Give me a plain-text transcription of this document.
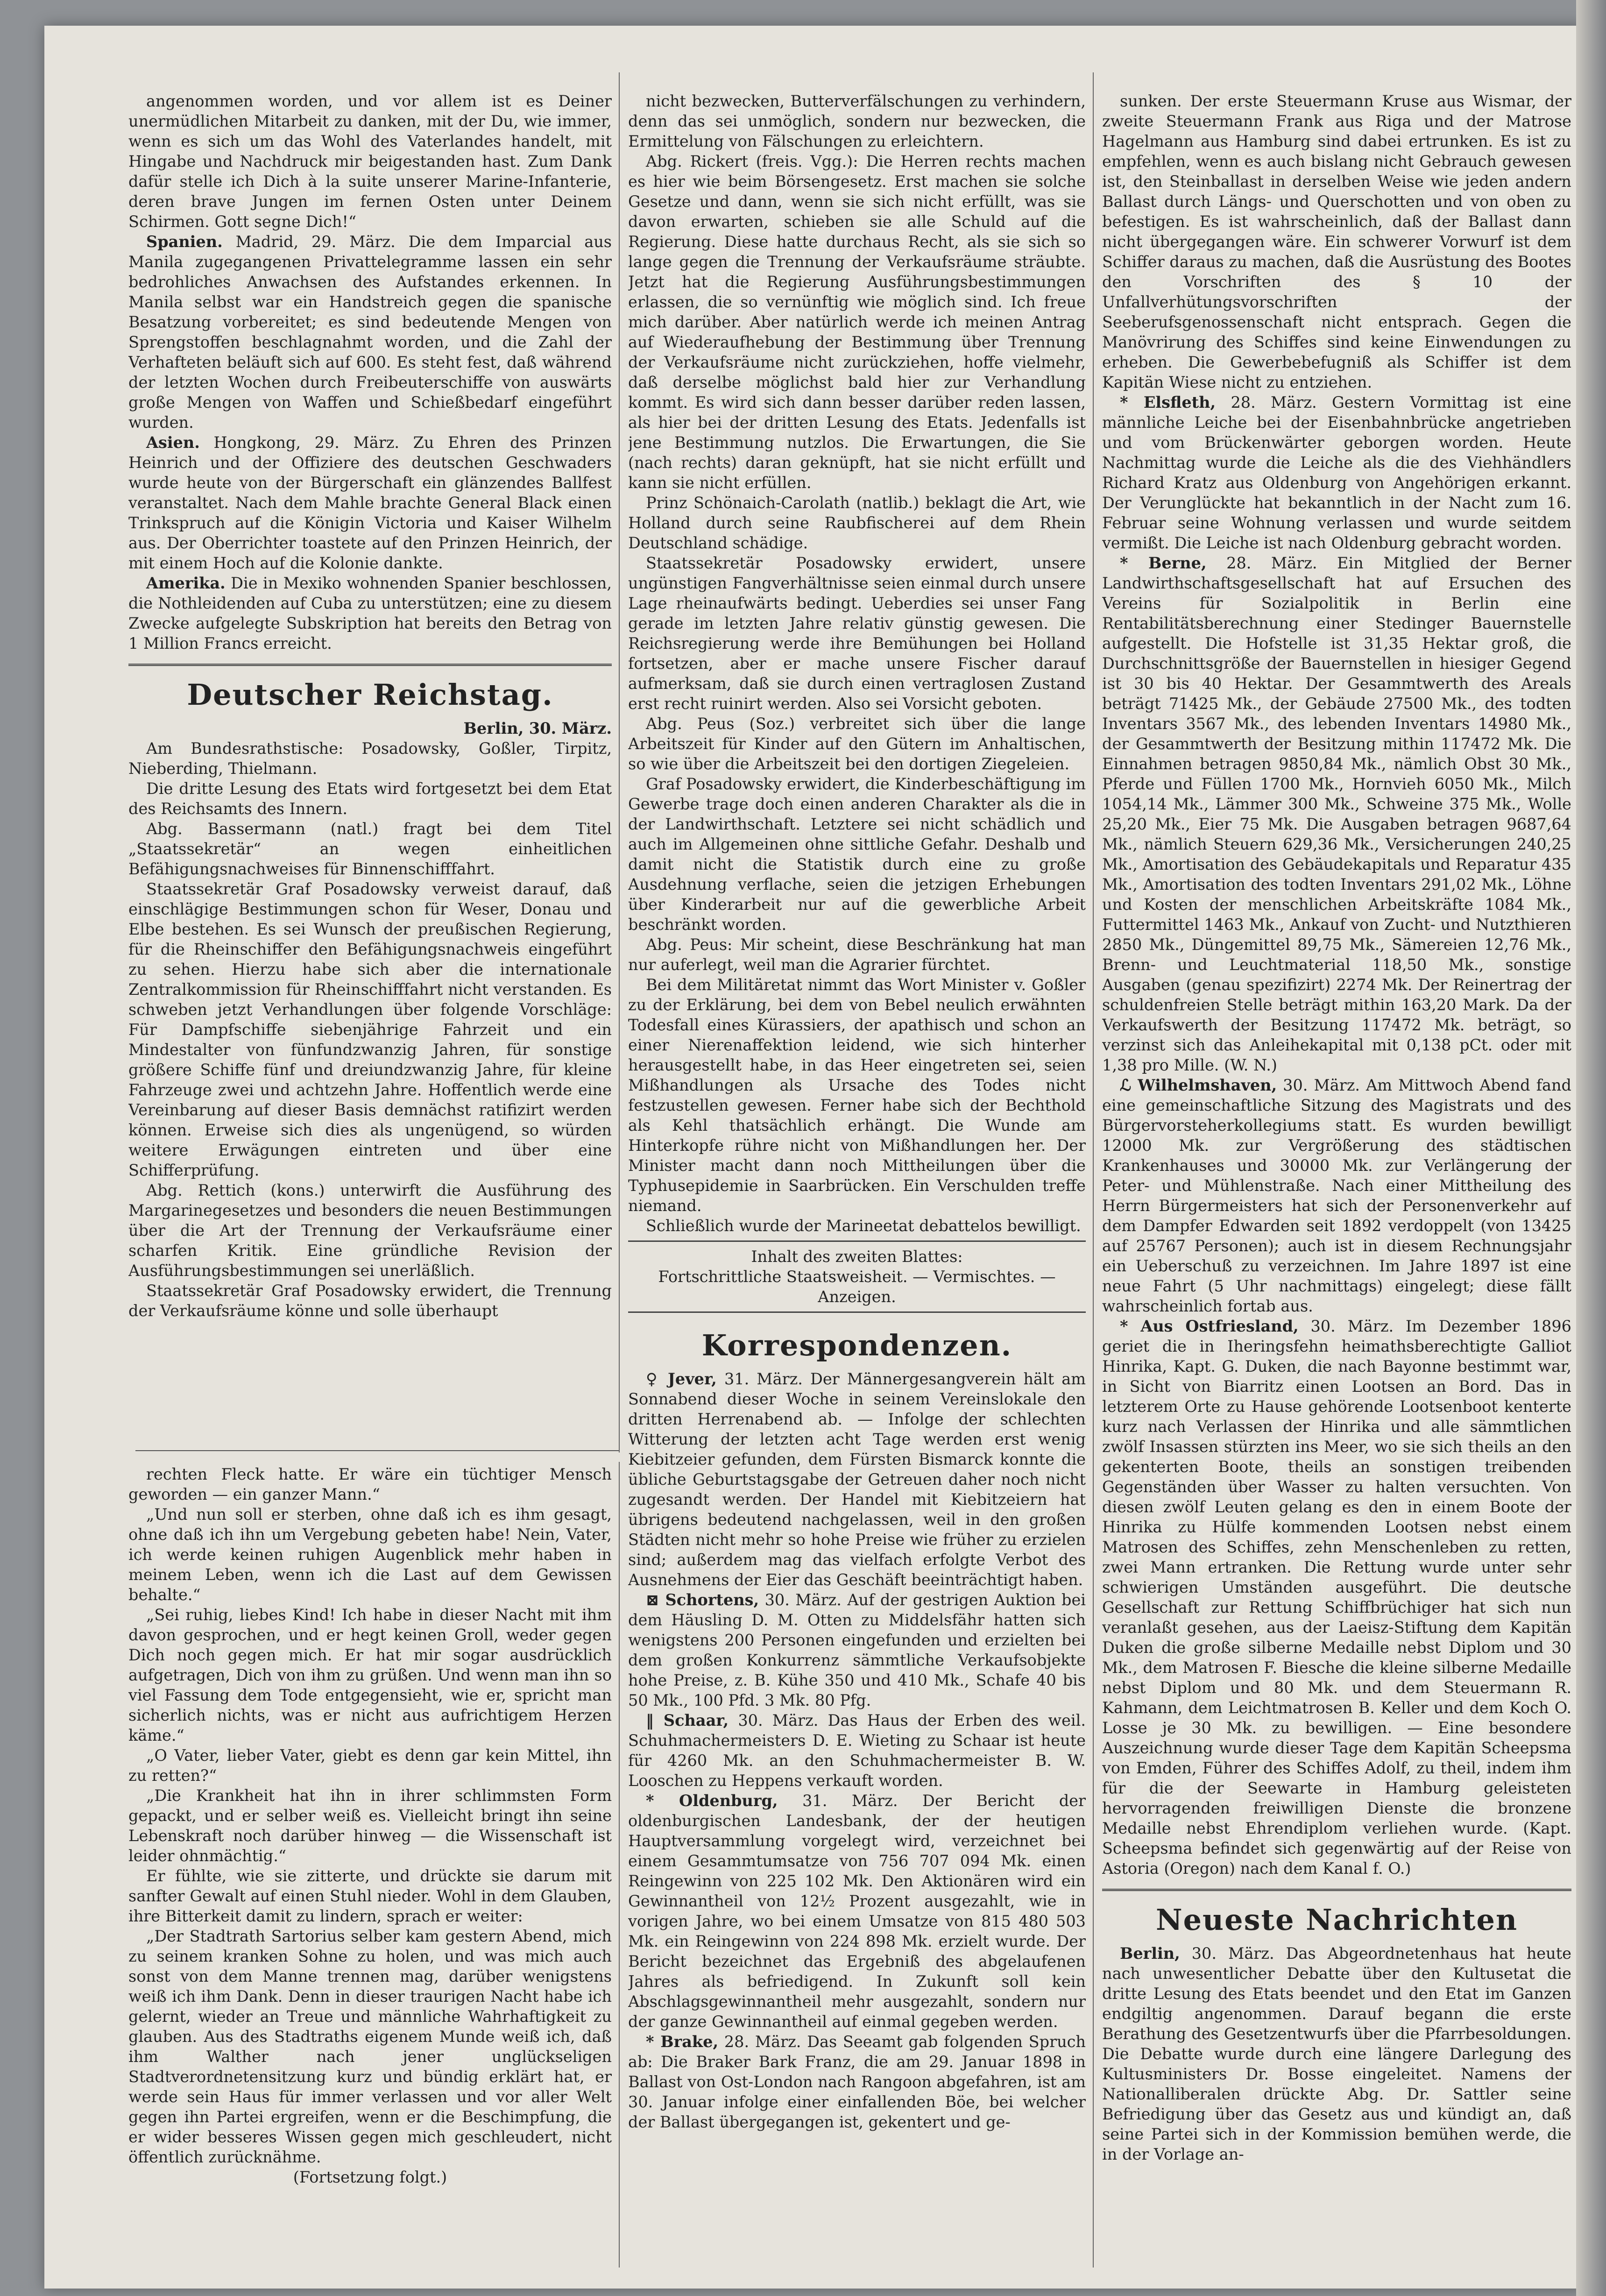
angenommen worden, und vor allem ist es Deiner unermüdlichen Mitarbeit zu danken, mit der Du, wie immer, wenn es sich um das Wohl des Vaterlandes handelt, mit Hingabe und Nachdruck mir beigestanden hast. Zum Dank dafür stelle ich Dich à la suite unserer Marine-Infanterie, deren brave Jungen im fernen Osten unter Deinem Schirmen. Gott segne Dich!“

Spanien. Madrid, 29. März. Die dem Imparcial aus Manila zugegangenen Privattelegramme lassen ein sehr bedrohliches Anwachsen des Aufstandes erkennen. In Manila selbst war ein Handstreich gegen die spanische Besatzung vorbereitet; es sind bedeutende Mengen von Sprengstoffen beschlagnahmt worden, und die Zahl der Verhafteten beläuft sich auf 600. Es steht fest, daß während der letzten Wochen durch Freibeuterschiffe von auswärts große Mengen von Waffen und Schießbedarf eingeführt wurden.

Asien. Hongkong, 29. März. Zu Ehren des Prinzen Heinrich und der Offiziere des deutschen Geschwaders wurde heute von der Bürgerschaft ein glänzendes Ballfest veranstaltet. Nach dem Mahle brachte General Black einen Trinkspruch auf die Königin Victoria und Kaiser Wilhelm aus. Der Oberrichter toastete auf den Prinzen Heinrich, der mit einem Hoch auf die Kolonie dankte.

Amerika. Die in Mexiko wohnenden Spanier beschlossen, die Nothleidenden auf Cuba zu unterstützen; eine zu diesem Zwecke aufgelegte Subskription hat bereits den Betrag von 1 Million Francs erreicht.

Deutscher Reichstag.

Berlin, 30. März.

Am Bundesrathstische: Posadowsky, Goßler, Tirpitz, Nieberding, Thielmann.

Die dritte Lesung des Etats wird fortgesetzt bei dem Etat des Reichsamts des Innern.

Abg. Bassermann (natl.) fragt bei dem Titel „Staatssekretär“ an wegen einheitlichen Befähigungsnachweises für Binnenschifffahrt.

Staatssekretär Graf Posadowsky verweist darauf, daß einschlägige Bestimmungen schon für Weser, Donau und Elbe bestehen. Es sei Wunsch der preußischen Regierung, für die Rheinschiffer den Befähigungsnachweis eingeführt zu sehen. Hierzu habe sich aber die internationale Zentralkommission für Rheinschifffahrt nicht verstanden. Es schweben jetzt Verhandlungen über folgende Vorschläge: Für Dampfschiffe siebenjährige Fahrzeit und ein Mindestalter von fünfundzwanzig Jahren, für sonstige größere Schiffe fünf und dreiundzwanzig Jahre, für kleine Fahrzeuge zwei und achtzehn Jahre. Hoffentlich werde eine Vereinbarung auf dieser Basis demnächst ratifizirt werden können. Erweise sich dies als ungenügend, so würden weitere Erwägungen eintreten und über eine Schifferprüfung.

Abg. Rettich (kons.) unterwirft die Ausführung des Margarinegesetzes und besonders die neuen Bestimmungen über die Art der Trennung der Verkaufsräume einer scharfen Kritik. Eine gründliche Revision der Ausführungsbestimmungen sei unerläßlich.

Staatssekretär Graf Posadowsky erwidert, die Trennung der Verkaufsräume könne und solle überhaupt

rechten Fleck hatte. Er wäre ein tüchtiger Mensch geworden — ein ganzer Mann.“

„Und nun soll er sterben, ohne daß ich es ihm gesagt, ohne daß ich ihn um Vergebung gebeten habe! Nein, Vater, ich werde keinen ruhigen Augenblick mehr haben in meinem Leben, wenn ich die Last auf dem Gewissen behalte.“

„Sei ruhig, liebes Kind! Ich habe in dieser Nacht mit ihm davon gesprochen, und er hegt keinen Groll, weder gegen Dich noch gegen mich. Er hat mir sogar ausdrücklich aufgetragen, Dich von ihm zu grüßen. Und wenn man ihn so viel Fassung dem Tode entgegensieht, wie er, spricht man sicherlich nichts, was er nicht aus aufrichtigem Herzen käme.“

„O Vater, lieber Vater, giebt es denn gar kein Mittel, ihn zu retten?“

„Die Krankheit hat ihn in ihrer schlimmsten Form gepackt, und er selber weiß es. Vielleicht bringt ihn seine Lebenskraft noch darüber hinweg — die Wissenschaft ist leider ohnmächtig.“

Er fühlte, wie sie zitterte, und drückte sie darum mit sanfter Gewalt auf einen Stuhl nieder. Wohl in dem Glauben, ihre Bitterkeit damit zu lindern, sprach er weiter:

„Der Stadtrath Sartorius selber kam gestern Abend, mich zu seinem kranken Sohne zu holen, und was mich auch sonst von dem Manne trennen mag, darüber wenigstens weiß ich ihm Dank. Denn in dieser traurigen Nacht habe ich gelernt, wieder an Treue und männliche Wahrhaftigkeit zu glauben. Aus des Stadtraths eigenem Munde weiß ich, daß ihm Walther nach jener unglückseligen Stadtverordnetensitzung kurz und bündig erklärt hat, er werde sein Haus für immer verlassen und vor aller Welt gegen ihn Partei ergreifen, wenn er die Beschimpfung, die er wider besseres Wissen gegen mich geschleudert, nicht öffentlich zurücknähme.

(Fortsetzung folgt.)

nicht bezwecken, Butterverfälschungen zu verhindern, denn das sei unmöglich, sondern nur bezwecken, die Ermittelung von Fälschungen zu erleichtern.

Abg. Rickert (freis. Vgg.): Die Herren rechts machen es hier wie beim Börsengesetz. Erst machen sie solche Gesetze und dann, wenn sie sich nicht erfüllt, was sie davon erwarten, schieben sie alle Schuld auf die Regierung. Diese hatte durchaus Recht, als sie sich so lange gegen die Trennung der Verkaufsräume sträubte. Jetzt hat die Regierung Ausführungsbestimmungen erlassen, die so vernünftig wie möglich sind. Ich freue mich darüber. Aber natürlich werde ich meinen Antrag auf Wiederaufhebung der Bestimmung über Trennung der Verkaufsräume nicht zurückziehen, hoffe vielmehr, daß derselbe möglichst bald hier zur Verhandlung kommt. Es wird sich dann besser darüber reden lassen, als hier bei der dritten Lesung des Etats. Jedenfalls ist jene Bestimmung nutzlos. Die Erwartungen, die Sie (nach rechts) daran geknüpft, hat sie nicht erfüllt und kann sie nicht erfüllen.

Prinz Schönaich-Carolath (natlib.) beklagt die Art, wie Holland durch seine Raubfischerei auf dem Rhein Deutschland schädige.

Staatssekretär Posadowsky erwidert, unsere ungünstigen Fangverhältnisse seien einmal durch unsere Lage rheinaufwärts bedingt. Ueberdies sei unser Fang gerade im letzten Jahre relativ günstig gewesen. Die Reichsregierung werde ihre Bemühungen bei Holland fortsetzen, aber er mache unsere Fischer darauf aufmerksam, daß sie durch einen vertraglosen Zustand erst recht ruinirt werden. Also sei Vorsicht geboten.

Abg. Peus (Soz.) verbreitet sich über die lange Arbeitszeit für Kinder auf den Gütern im Anhaltischen, so wie über die Arbeitszeit bei den dortigen Ziegeleien.

Graf Posadowsky erwidert, die Kinderbeschäftigung im Gewerbe trage doch einen anderen Charakter als die in der Landwirthschaft. Letztere sei nicht schädlich und auch im Allgemeinen ohne sittliche Gefahr. Deshalb und damit nicht die Statistik durch eine zu große Ausdehnung verflache, seien die jetzigen Erhebungen über Kinderarbeit nur auf die gewerbliche Arbeit beschränkt worden.

Abg. Peus: Mir scheint, diese Beschränkung hat man nur auferlegt, weil man die Agrarier fürchtet.

Bei dem Militäretat nimmt das Wort Minister v. Goßler zu der Erklärung, bei dem von Bebel neulich erwähnten Todesfall eines Kürassiers, der apathisch und schon an einer Nierenaffektion leidend, wie sich hinterher herausgestellt habe, in das Heer eingetreten sei, seien Mißhandlungen als Ursache des Todes nicht festzustellen gewesen. Ferner habe sich der Bechthold als Kehl thatsächlich erhängt. Die Wunde am Hinterkopfe rühre nicht von Mißhandlungen her. Der Minister macht dann noch Mittheilungen über die Typhusepidemie in Saarbrücken. Ein Verschulden treffe niemand.

Schließlich wurde der Marineetat debattelos bewilligt.

Inhalt des zweiten Blattes:

Fortschrittliche Staatsweisheit. — Vermischtes. — Anzeigen.

Korrespondenzen.

♀ Jever, 31. März. Der Männergesangverein hält am Sonnabend dieser Woche in seinem Vereinslokale den dritten Herrenabend ab. — Infolge der schlechten Witterung der letzten acht Tage werden erst wenig Kiebitzeier gefunden, dem Fürsten Bismarck konnte die übliche Geburtstagsgabe der Getreuen daher noch nicht zugesandt werden. Der Handel mit Kiebitzeiern hat übrigens bedeutend nachgelassen, weil in den großen Städten nicht mehr so hohe Preise wie früher zu erzielen sind; außerdem mag das vielfach erfolgte Verbot des Ausnehmens der Eier das Geschäft beeinträchtigt haben.

⊠ Schortens, 30. März. Auf der gestrigen Auktion bei dem Häusling D. M. Otten zu Middelsfähr hatten sich wenigstens 200 Personen eingefunden und erzielten bei dem großen Konkurrenz sämmtliche Verkaufsobjekte hohe Preise, z. B. Kühe 350 und 410 Mk., Schafe 40 bis 50 Mk., 100 Pfd. 3 Mk. 80 Pfg.

‖ Schaar, 30. März. Das Haus der Erben des weil. Schuhmachermeisters D. E. Wieting zu Schaar ist heute für 4260 Mk. an den Schuhmachermeister B. W. Looschen zu Heppens verkauft worden.

* Oldenburg, 31. März. Der Bericht der oldenburgischen Landesbank, der der heutigen Hauptversammlung vorgelegt wird, verzeichnet bei einem Gesammtumsatze von 756 707 094 Mk. einen Reingewinn von 225 102 Mk. Den Aktionären wird ein Gewinnantheil von 12½ Prozent ausgezahlt, wie in vorigen Jahre, wo bei einem Umsatze von 815 480 503 Mk. ein Reingewinn von 224 898 Mk. erzielt wurde. Der Bericht bezeichnet das Ergebniß des abgelaufenen Jahres als befriedigend. In Zukunft soll kein Abschlagsgewinnantheil mehr ausgezahlt, sondern nur der ganze Gewinnantheil auf einmal gegeben werden.

* Brake, 28. März. Das Seeamt gab folgenden Spruch ab: Die Braker Bark Franz, die am 29. Januar 1898 in Ballast von Ost-London nach Rangoon abgefahren, ist am 30. Januar infolge einer einfallenden Böe, bei welcher der Ballast übergegangen ist, gekentert und ge-

sunken. Der erste Steuermann Kruse aus Wismar, der zweite Steuermann Frank aus Riga und der Matrose Hagelmann aus Hamburg sind dabei ertrunken. Es ist zu empfehlen, wenn es auch bislang nicht Gebrauch gewesen ist, den Steinballast in derselben Weise wie jeden andern Ballast durch Längs- und Querschotten und von oben zu befestigen. Es ist wahrscheinlich, daß der Ballast dann nicht übergegangen wäre. Ein schwerer Vorwurf ist dem Schiffer daraus zu machen, daß die Ausrüstung des Bootes den Vorschriften des § 10 der Unfallverhütungsvorschriften der Seeberufsgenossenschaft nicht entsprach. Gegen die Manövrirung des Schiffes sind keine Einwendungen zu erheben. Die Gewerbebefugniß als Schiffer ist dem Kapitän Wiese nicht zu entziehen.

* Elsfleth, 28. März. Gestern Vormittag ist eine männliche Leiche bei der Eisenbahnbrücke angetrieben und vom Brückenwärter geborgen worden. Heute Nachmittag wurde die Leiche als die des Viehhändlers Richard Kratz aus Oldenburg von Angehörigen erkannt. Der Verunglückte hat bekanntlich in der Nacht zum 16. Februar seine Wohnung verlassen und wurde seitdem vermißt. Die Leiche ist nach Oldenburg gebracht worden.

* Berne, 28. März. Ein Mitglied der Berner Landwirthschaftsgesellschaft hat auf Ersuchen des Vereins für Sozialpolitik in Berlin eine Rentabilitätsberechnung einer Stedinger Bauernstelle aufgestellt. Die Hofstelle ist 31,35 Hektar groß, die Durchschnittsgröße der Bauernstellen in hiesiger Gegend ist 30 bis 40 Hektar. Der Gesammtwerth des Areals beträgt 71425 Mk., der Gebäude 27500 Mk., des todten Inventars 3567 Mk., des lebenden Inventars 14980 Mk., der Gesammtwerth der Besitzung mithin 117472 Mk. Die Einnahmen betragen 9850,84 Mk., nämlich Obst 30 Mk., Pferde und Füllen 1700 Mk., Hornvieh 6050 Mk., Milch 1054,14 Mk., Lämmer 300 Mk., Schweine 375 Mk., Wolle 25,20 Mk., Eier 75 Mk. Die Ausgaben betragen 9687,64 Mk., nämlich Steuern 629,36 Mk., Versicherungen 240,25 Mk., Amortisation des Gebäudekapitals und Reparatur 435 Mk., Amortisation des todten Inventars 291,02 Mk., Löhne und Kosten der menschlichen Arbeitskräfte 1084 Mk., Futtermittel 1463 Mk., Ankauf von Zucht- und Nutzthieren 2850 Mk., Düngemittel 89,75 Mk., Sämereien 12,76 Mk., Brenn- und Leuchtmaterial 118,50 Mk., sonstige Ausgaben (genau spezifizirt) 2274 Mk. Der Reinertrag der schuldenfreien Stelle beträgt mithin 163,20 Mark. Da der Verkaufswerth der Besitzung 117472 Mk. beträgt, so verzinst sich das Anleihekapital mit 0,138 pCt. oder mit 1,38 pro Mille. (W. N.)

ℒ Wilhelmshaven, 30. März. Am Mittwoch Abend fand eine gemeinschaftliche Sitzung des Magistrats und des Bürgervorsteherkollegiums statt. Es wurden bewilligt 12000 Mk. zur Vergrößerung des städtischen Krankenhauses und 30000 Mk. zur Verlängerung der Peter- und Mühlenstraße. Nach einer Mittheilung des Herrn Bürgermeisters hat sich der Personenverkehr auf dem Dampfer Edwarden seit 1892 verdoppelt (von 13425 auf 25767 Personen); auch ist in diesem Rechnungsjahr ein Ueberschuß zu verzeichnen. Im Jahre 1897 ist eine neue Fahrt (5 Uhr nachmittags) eingelegt; diese fällt wahrscheinlich fortab aus.

* Aus Ostfriesland, 30. März. Im Dezember 1896 geriet die in Iheringsfehn heimathsberechtigte Galliot Hinrika, Kapt. G. Duken, die nach Bayonne bestimmt war, in Sicht von Biarritz einen Lootsen an Bord. Das in letzterem Orte zu Hause gehörende Lootsenboot kenterte kurz nach Verlassen der Hinrika und alle sämmtlichen zwölf Insassen stürzten ins Meer, wo sie sich theils an den gekenterten Boote, theils an sonstigen treibenden Gegenständen über Wasser zu halten versuchten. Von diesen zwölf Leuten gelang es den in einem Boote der Hinrika zu Hülfe kommenden Lootsen nebst einem Matrosen des Schiffes, zehn Menschenleben zu retten, zwei Mann ertranken. Die Rettung wurde unter sehr schwierigen Umständen ausgeführt. Die deutsche Gesellschaft zur Rettung Schiffbrüchiger hat sich nun veranlaßt gesehen, aus der Laeisz-Stiftung dem Kapitän Duken die große silberne Medaille nebst Diplom und 30 Mk., dem Matrosen F. Biesche die kleine silberne Medaille nebst Diplom und 80 Mk. und dem Steuermann R. Kahmann, dem Leichtmatrosen B. Keller und dem Koch O. Losse je 30 Mk. zu bewilligen. — Eine besondere Auszeichnung wurde dieser Tage dem Kapitän Scheepsma von Emden, Führer des Schiffes Adolf, zu theil, indem ihm für die der Seewarte in Hamburg geleisteten hervorragenden freiwilligen Dienste die bronzene Medaille nebst Ehrendiplom verliehen wurde. (Kapt. Scheepsma befindet sich gegenwärtig auf der Reise von Astoria (Oregon) nach dem Kanal f. O.)

Neueste Nachrichten

Berlin, 30. März. Das Abgeordnetenhaus hat heute nach unwesentlicher Debatte über den Kultusetat die dritte Lesung des Etats beendet und den Etat im Ganzen endgiltig angenommen. Darauf begann die erste Berathung des Gesetzentwurfs über die Pfarrbesoldungen. Die Debatte wurde durch eine längere Darlegung des Kultusministers Dr. Bosse eingeleitet. Namens der Nationalliberalen drückte Abg. Dr. Sattler seine Befriedigung über das Gesetz aus und kündigt an, daß seine Partei sich in der Kommission bemühen werde, die in der Vorlage an-
